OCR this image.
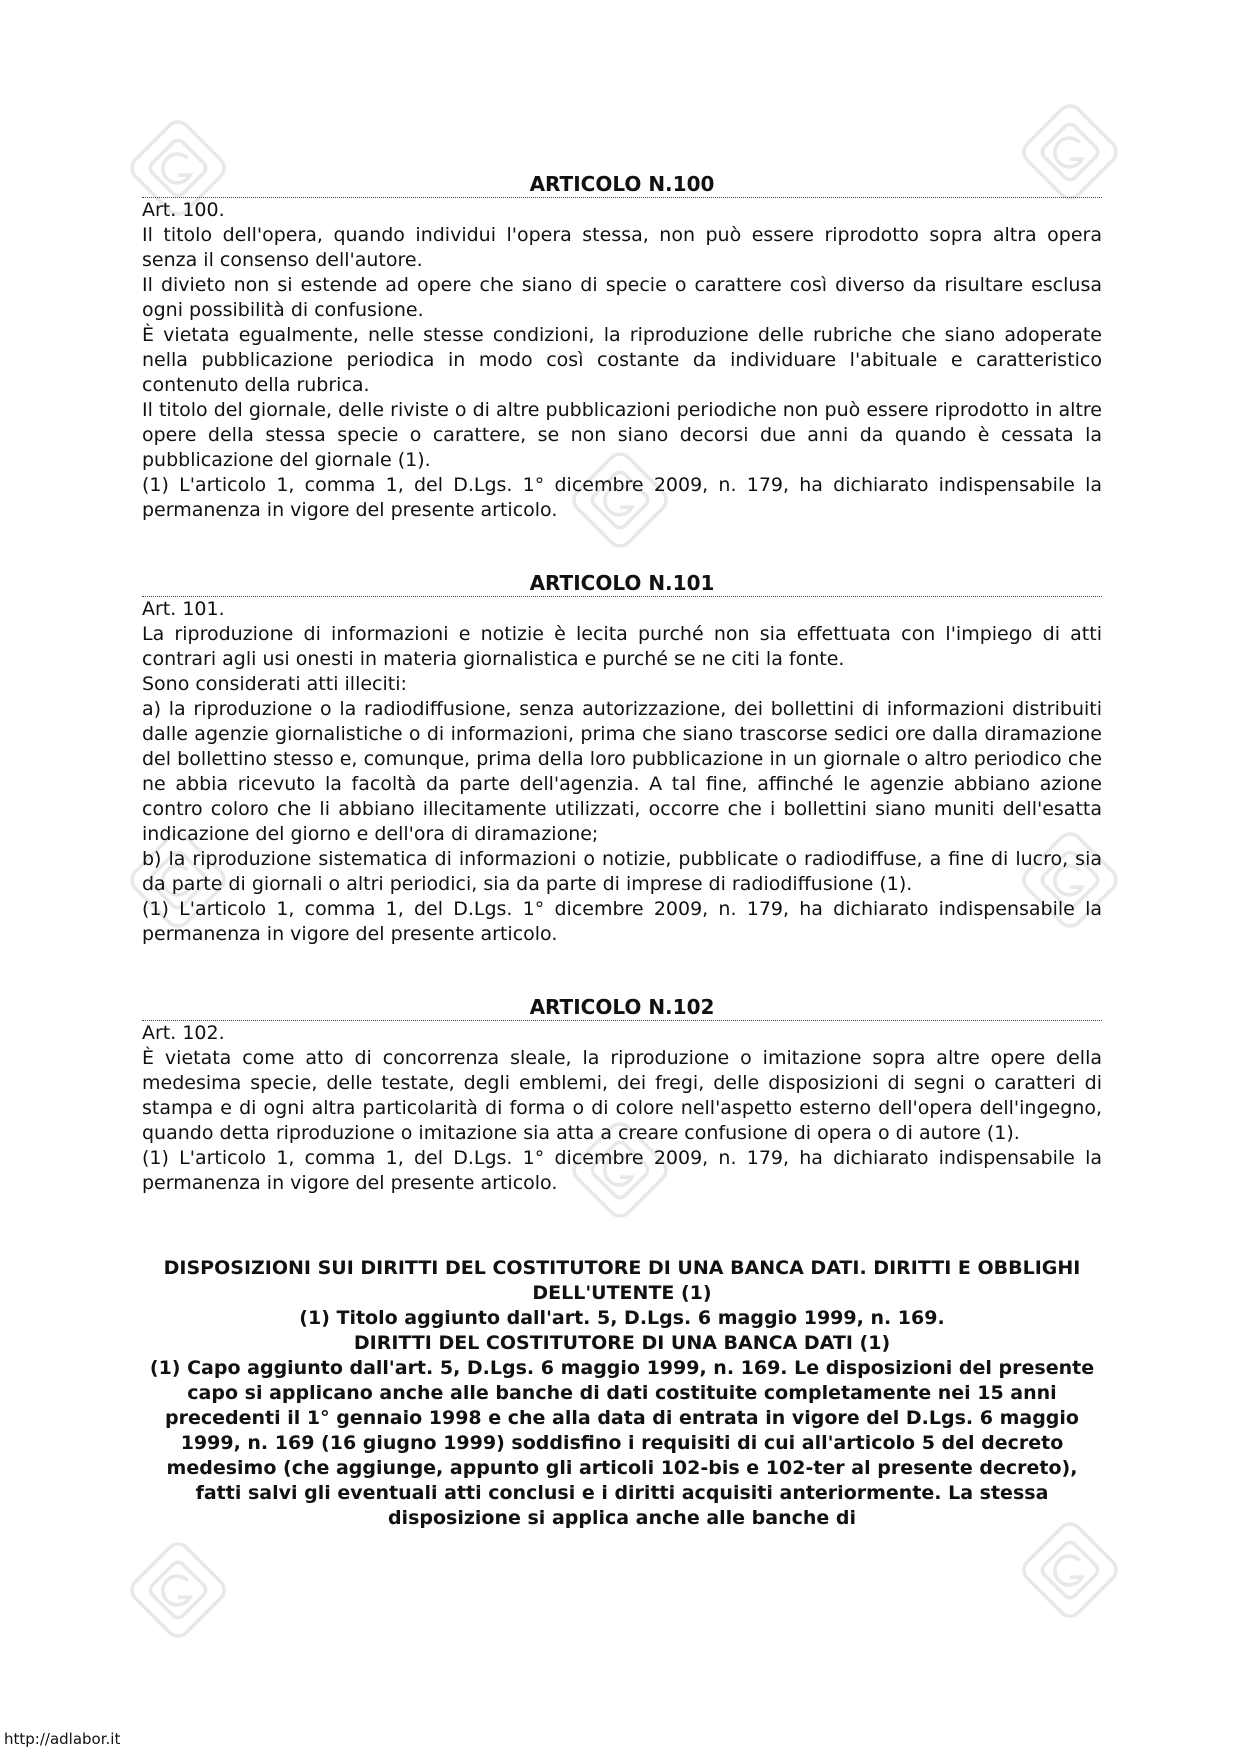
ARTICOLO N.100

Art. 100.

Il titolo dell'opera, quando individui l'opera stessa, non può essere riprodotto sopra altra opera senza il consenso dell'autore.

Il divieto non si estende ad opere che siano di specie o carattere così diverso da risultare esclusa ogni possibilità di confusione.

È vietata egualmente, nelle stesse condizioni, la riproduzione delle rubriche che siano adoperate nella pubblicazione periodica in modo così costante da individuare l'abituale e caratteristico contenuto della rubrica.

Il titolo del giornale, delle riviste o di altre pubblicazioni periodiche non può essere riprodotto in altre opere della stessa specie o carattere, se non siano decorsi due anni da quando è cessata la pubblicazione del giornale (1).

(1) L'articolo 1, comma 1, del D.Lgs. 1° dicembre 2009, n. 179, ha dichiarato indispensabile la permanenza in vigore del presente articolo.

ARTICOLO N.101

Art. 101.

La riproduzione di informazioni e notizie è lecita purché non sia effettuata con l'impiego di atti contrari agli usi onesti in materia giornalistica e purché se ne citi la fonte.

Sono considerati atti illeciti:

a) la riproduzione o la radiodiffusione, senza autorizzazione, dei bollettini di informazioni distribuiti dalle agenzie giornalistiche o di informazioni, prima che siano trascorse sedici ore dalla diramazione del bollettino stesso e, comunque, prima della loro pubblicazione in un giornale o altro periodico che ne abbia ricevuto la facoltà da parte dell'agenzia. A tal fine, affinché le agenzie abbiano azione contro coloro che li abbiano illecitamente utilizzati, occorre che i bollettini siano muniti dell'esatta indicazione del giorno e dell'ora di diramazione;

b) la riproduzione sistematica di informazioni o notizie, pubblicate o radiodiffuse, a fine di lucro, sia da parte di giornali o altri periodici, sia da parte di imprese di radiodiffusione (1).

(1) L'articolo 1, comma 1, del D.Lgs. 1° dicembre 2009, n. 179, ha dichiarato indispensabile la permanenza in vigore del presente articolo.

ARTICOLO N.102

Art. 102.

È vietata come atto di concorrenza sleale, la riproduzione o imitazione sopra altre opere della medesima specie, delle testate, degli emblemi, dei fregi, delle disposizioni di segni o caratteri di stampa e di ogni altra particolarità di forma o di colore nell'aspetto esterno dell'opera dell'ingegno, quando detta riproduzione o imitazione sia atta a creare confusione di opera o di autore (1).

(1) L'articolo 1, comma 1, del D.Lgs. 1° dicembre 2009, n. 179, ha dichiarato indispensabile la permanenza in vigore del presente articolo.

DISPOSIZIONI SUI DIRITTI DEL COSTITUTORE DI UNA BANCA DATI. DIRITTI E OBBLIGHI DELL'UTENTE (1)

(1) Titolo aggiunto dall'art. 5, D.Lgs. 6 maggio 1999, n. 169.

DIRITTI DEL COSTITUTORE DI UNA BANCA DATI (1)

(1) Capo aggiunto dall'art. 5, D.Lgs. 6 maggio 1999, n. 169. Le disposizioni del presente capo si applicano anche alle banche di dati costituite completamente nei 15 anni precedenti il 1° gennaio 1998 e che alla data di entrata in vigore del D.Lgs. 6 maggio 1999, n. 169 (16 giugno 1999) soddisfino i requisiti di cui all'articolo 5 del decreto medesimo (che aggiunge, appunto gli articoli 102-bis e 102-ter al presente decreto), fatti salvi gli eventuali atti conclusi e i diritti acquisiti anteriormente. La stessa disposizione si applica anche alle banche di

http://adlabor.it
